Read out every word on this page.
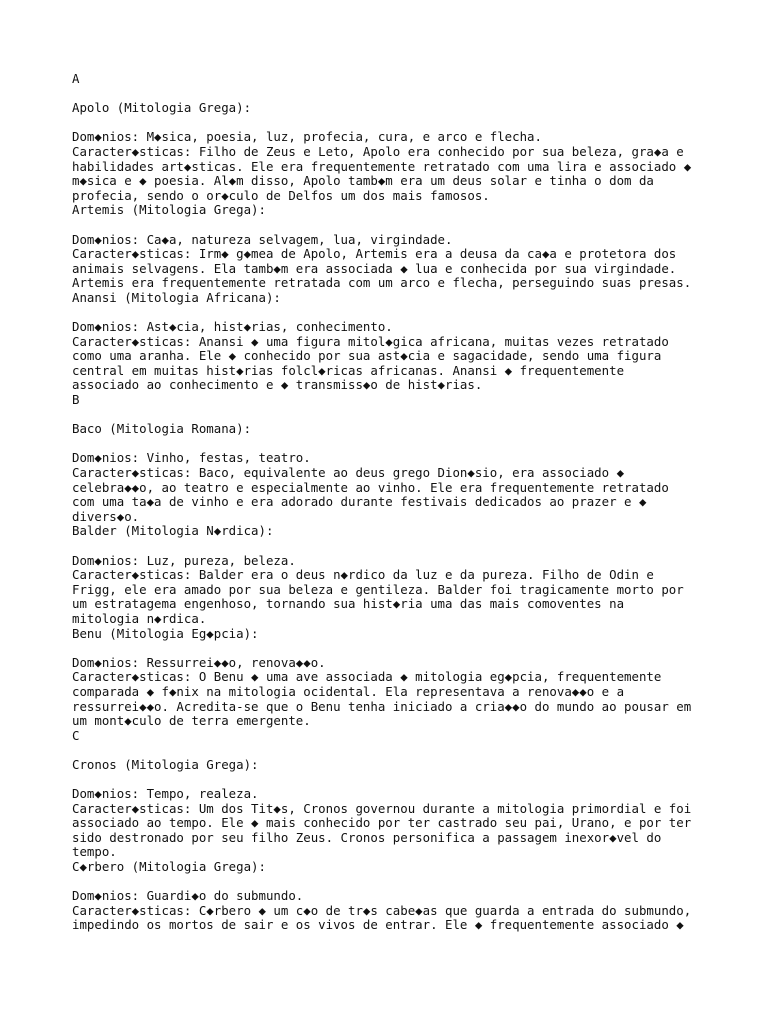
A
Apolo (Mitologia Grega):
Dom◆nios: M◆sica, poesia, luz, profecia, cura, e arco e flecha.
Caracter◆sticas: Filho de Zeus e Leto, Apolo era conhecido por sua beleza, gra◆a e
habilidades art◆sticas. Ele era frequentemente retratado com uma lira e associado ◆
m◆sica e ◆ poesia. Al◆m disso, Apolo tamb◆m era um deus solar e tinha o dom da
profecia, sendo o or◆culo de Delfos um dos mais famosos.
Artemis (Mitologia Grega):
Dom◆nios: Ca◆a, natureza selvagem, lua, virgindade.
Caracter◆sticas: Irm◆ g◆mea de Apolo, Artemis era a deusa da ca◆a e protetora dos
animais selvagens. Ela tamb◆m era associada ◆ lua e conhecida por sua virgindade.
Artemis era frequentemente retratada com um arco e flecha, perseguindo suas presas.
Anansi (Mitologia Africana):
Dom◆nios: Ast◆cia, hist◆rias, conhecimento.
Caracter◆sticas: Anansi ◆ uma figura mitol◆gica africana, muitas vezes retratado
como uma aranha. Ele ◆ conhecido por sua ast◆cia e sagacidade, sendo uma figura
central em muitas hist◆rias folcl◆ricas africanas. Anansi ◆ frequentemente
associado ao conhecimento e ◆ transmiss◆o de hist◆rias.
B
Baco (Mitologia Romana):
Dom◆nios: Vinho, festas, teatro.
Caracter◆sticas: Baco, equivalente ao deus grego Dion◆sio, era associado ◆
celebra◆◆o, ao teatro e especialmente ao vinho. Ele era frequentemente retratado
com uma ta◆a de vinho e era adorado durante festivais dedicados ao prazer e ◆
divers◆o.
Balder (Mitologia N◆rdica):
Dom◆nios: Luz, pureza, beleza.
Caracter◆sticas: Balder era o deus n◆rdico da luz e da pureza. Filho de Odin e
Frigg, ele era amado por sua beleza e gentileza. Balder foi tragicamente morto por
um estratagema engenhoso, tornando sua hist◆ria uma das mais comoventes na
mitologia n◆rdica.
Benu (Mitologia Eg◆pcia):
Dom◆nios: Ressurrei◆◆o, renova◆◆o.
Caracter◆sticas: O Benu ◆ uma ave associada ◆ mitologia eg◆pcia, frequentemente
comparada ◆ f◆nix na mitologia ocidental. Ela representava a renova◆◆o e a
ressurrei◆◆o. Acredita-se que o Benu tenha iniciado a cria◆◆o do mundo ao pousar em
um mont◆culo de terra emergente.
C
Cronos (Mitologia Grega):
Dom◆nios: Tempo, realeza.
Caracter◆sticas: Um dos Tit◆s, Cronos governou durante a mitologia primordial e foi
associado ao tempo. Ele ◆ mais conhecido por ter castrado seu pai, Urano, e por ter
sido destronado por seu filho Zeus. Cronos personifica a passagem inexor◆vel do
tempo.
C◆rbero (Mitologia Grega):
Dom◆nios: Guardi◆o do submundo.
Caracter◆sticas: C◆rbero ◆ um c◆o de tr◆s cabe◆as que guarda a entrada do submundo,
impedindo os mortos de sair e os vivos de entrar. Ele ◆ frequentemente associado ◆
